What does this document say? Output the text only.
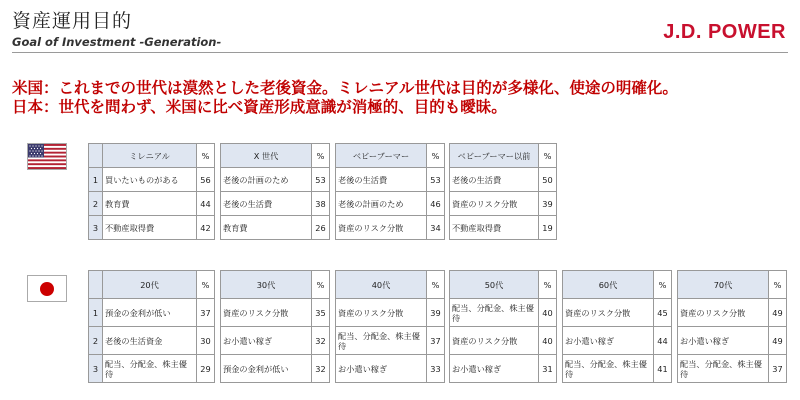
資産運用目的
Goal of Investment -Generation-	J.D. POWER
米国：これまでの世代は漠然とした老後資金。ミレニアル世代は目的が多様化、使途の明確化。
日本：世代を問わず、米国に比べ資産形成意識が消極的、目的も曖昧。
	ミレニアル	%
1	買いたいものがある	56
2	教育費	44
3	不動産取得費	42
X 世代	%
老後の計画のため	53
老後の生活費	38
教育費	26
ベビーブーマー	%
老後の生活費	53
老後の計画のため	46
資産のリスク分散	34
ベビーブーマー以前	%
老後の生活費	50
資産のリスク分散	39
不動産取得費	19
	20代	%
1	預金の金利が低い	37
2	老後の生活資金	30
3	配当、分配金、株主優待	29
30代	%
資産のリスク分散	35
お小遣い稼ぎ	32
預金の金利が低い	32
40代	%
資産のリスク分散	39
配当、分配金、株主優待	37
お小遣い稼ぎ	33
50代	%
配当、分配金、株主優待	40
資産のリスク分散	40
お小遣い稼ぎ	31
60代	%
資産のリスク分散	45
お小遣い稼ぎ	44
配当、分配金、株主優待	41
70代	%
資産のリスク分散	49
お小遣い稼ぎ	49
配当、分配金、株主優待	37
